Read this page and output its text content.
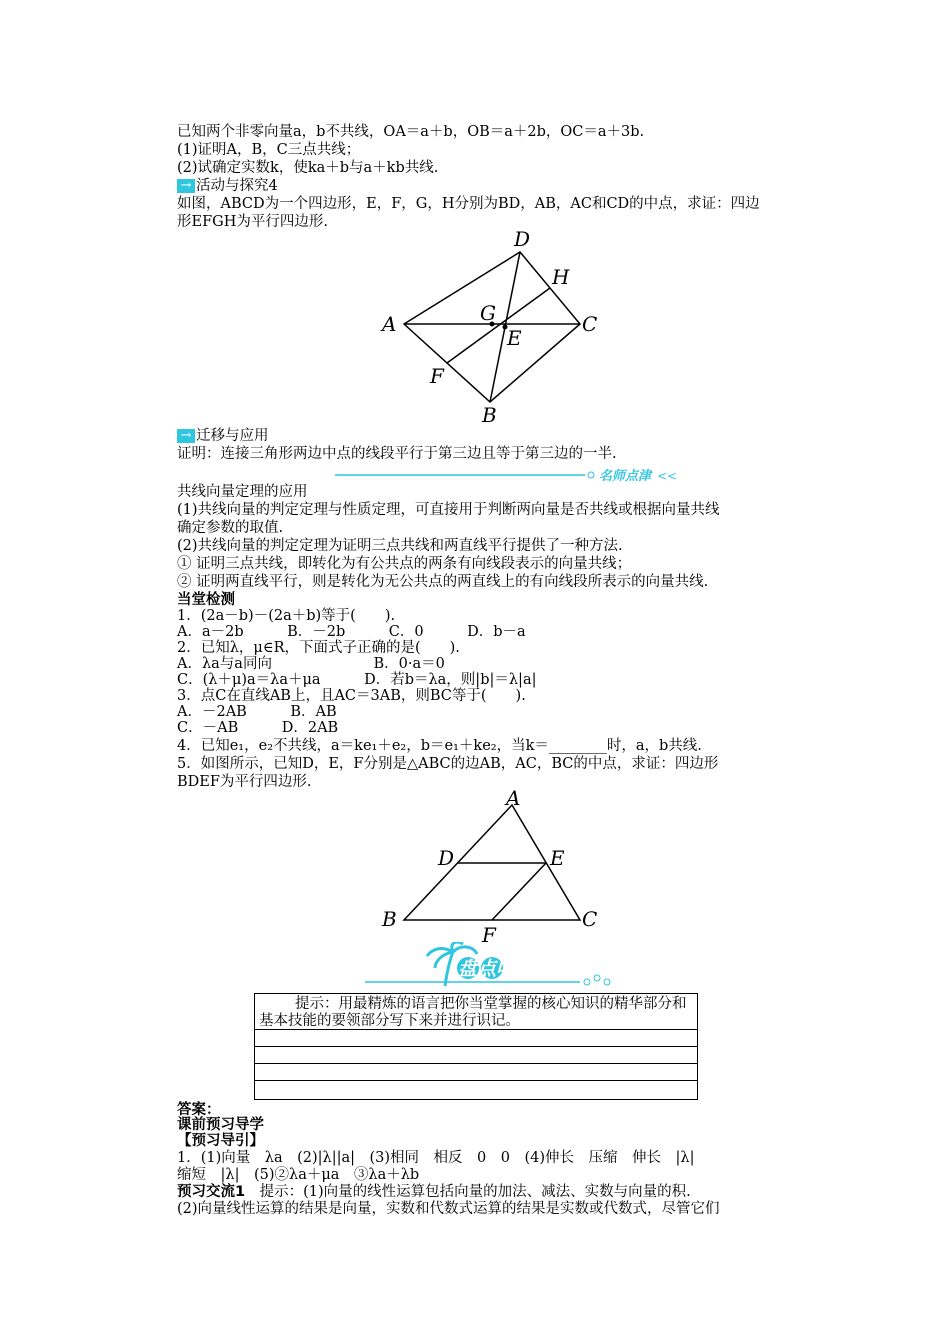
已知两个非零向量a，b不共线，OA＝a＋b，OB＝a＋2b，OC＝a＋3b.
(1)证明A，B，C三点共线；
(2)试确定实数k，使ka＋b与a＋kb共线.
→ 活动与探究4
如图，ABCD为一个四边形，E，F，G，H分别为BD，AB，AC和CD的中点，求证：四边
形EFGH为平行四边形.
D
H
A	G
E
C
F
B
→ 迁移与应用
证明：连接三角形两边中点的线段平行于第三边且等于第三边的一半.
名师点津 <<
共线向量定理的应用
(1)共线向量的判定定理与性质定理，可直接用于判断两向量是否共线或根据向量共线
确定参数的取值.
(2)共线向量的判定定理为证明三点共线和两直线平行提供了一种方法.
① 证明三点共线，即转化为有公共点的两条有向线段表示的向量共线；
② 证明两直线平行，则是转化为无公共点的两直线上的有向线段所表示的向量共线.
当堂检测
1．(2a－b)－(2a＋b)等于(　　).
A．a－2b　　　B．－2b　　　C．0　　　D．b－a
2．已知λ，μ∈R，下面式子正确的是(　　).
A．λa与a同向　　　　　　　B．0·a＝0
C．(λ＋μ)a＝λa＋μa　　　D．若b＝λa，则|b|＝λ|a|
3．点C在直线AB上，且AC＝3AB，则BC等于(　　).
A．－2AB　　　B．AB
C．－AB　　　D．2AB
4．已知e₁，e₂不共线，a＝ke₁＋e₂，b＝e₁＋ke₂，当k＝________时，a，b共线.
5．如图所示，已知D，E，F分别是△ABC的边AB，AC，BC的中点，求证：四边形
BDEF为平行四边形.
A
D	E
B	C
F
盘点收获
提示：用最精炼的语言把你当堂掌握的核心知识的精华部分和基本技能的要领部分写下来并进行识记。
答案：
课前预习导学
【预习导引】
1．(1)向量　λa　(2)|λ||a|　(3)相同　相反　0　0　(4)伸长　压缩　伸长　|λ|
缩短　|λ|　(5)②λa＋μa　③λa＋λb
预习交流1　提示：(1)向量的线性运算包括向量的加法、减法、实数与向量的积.
(2)向量线性运算的结果是向量，实数和代数式运算的结果是实数或代数式，尽管它们
